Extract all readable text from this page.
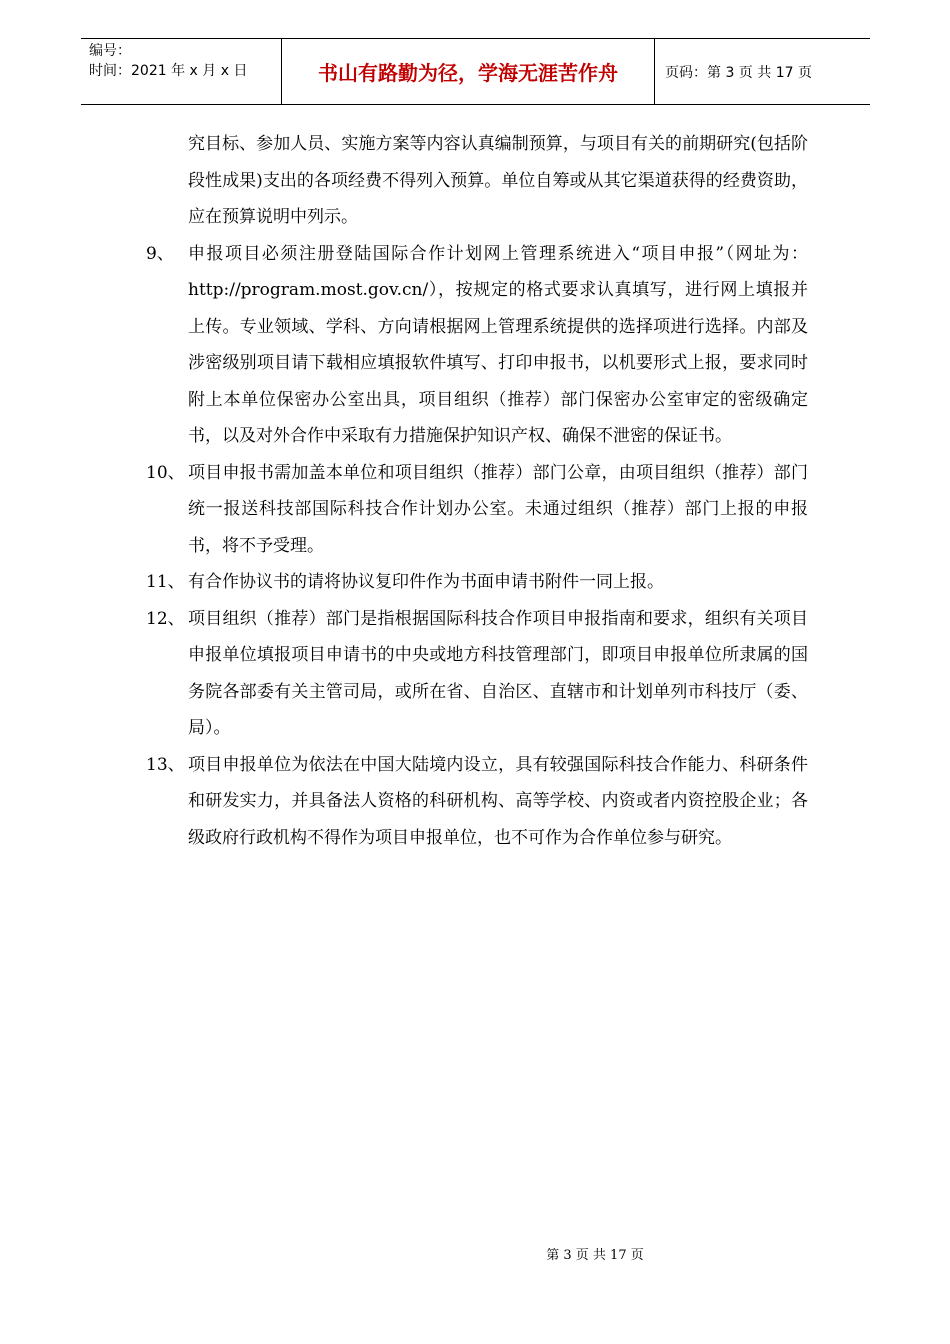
编号：
时间：2021 年 x 月 x 日	书山有路勤为径，学海无涯苦作舟	页码：第 3 页 共 17 页

究目标、参加人员、实施方案等内容认真编制预算，与项目有关的前期研究(包括阶段性成果)支出的各项经费不得列入预算。单位自筹或从其它渠道获得的经费资助，应在预算说明中列示。

9、 申报项目必须注册登陆国际合作计划网上管理系统进入“项目申报”（网址为：http://program.most.gov.cn/），按规定的格式要求认真填写，进行网上填报并上传。专业领域、学科、方向请根据网上管理系统提供的选择项进行选择。内部及涉密级别项目请下载相应填报软件填写、打印申报书，以机要形式上报，要求同时附上本单位保密办公室出具，项目组织（推荐）部门保密办公室审定的密级确定书，以及对外合作中采取有力措施保护知识产权、确保不泄密的保证书。

10、 项目申报书需加盖本单位和项目组织（推荐）部门公章，由项目组织（推荐）部门统一报送科技部国际科技合作计划办公室。未通过组织（推荐）部门上报的申报书，将不予受理。

11、 有合作协议书的请将协议复印件作为书面申请书附件一同上报。

12、 项目组织（推荐）部门是指根据国际科技合作项目申报指南和要求，组织有关项目申报单位填报项目申请书的中央或地方科技管理部门，即项目申报单位所隶属的国务院各部委有关主管司局，或所在省、自治区、直辖市和计划单列市科技厅（委、局）。

13、 项目申报单位为依法在中国大陆境内设立，具有较强国际科技合作能力、科研条件和研发实力，并具备法人资格的科研机构、高等学校、内资或者内资控股企业；各级政府行政机构不得作为项目申报单位，也不可作为合作单位参与研究。

第 3 页 共 17 页
